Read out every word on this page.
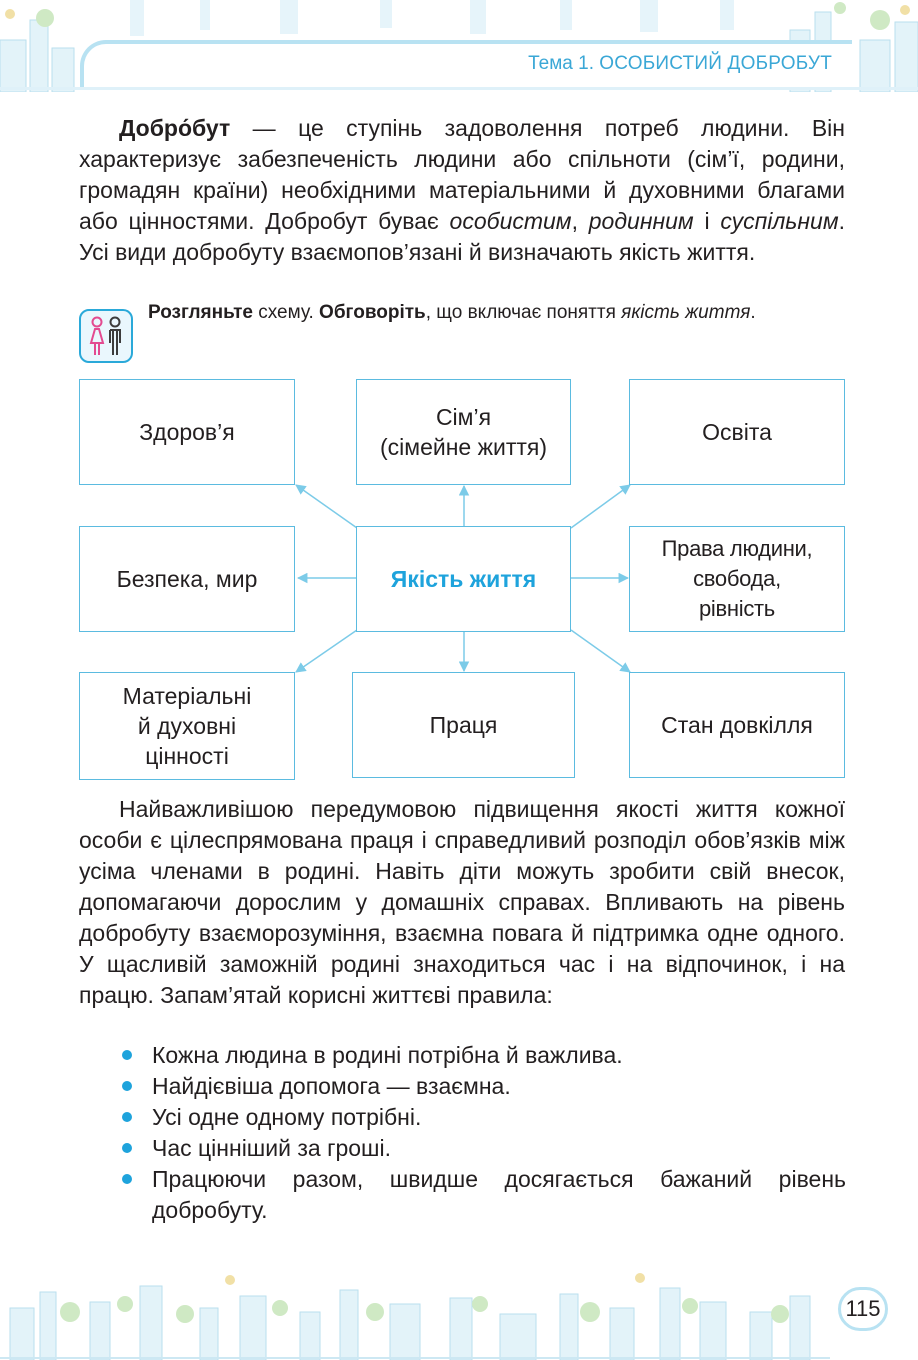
Тема 1. ОСОБИСТИЙ ДОБРОБУТ

Добро́бут — це ступінь задоволення потреб людини. Він характеризує забезпеченість людини або спільноти (сім’ї, родини, громадян країни) необхідними матеріальними й духовними благами або цінностями. Добробут буває особистим, родинним і суспільним. Усі види добробуту взаємопов’язані й визначають якість життя.

Розгляньте схему. Обговоріть, що включає поняття якість життя.

Здоров’я
Сім’я
(сімейне життя)
Освіта
Безпека, мир	Якість життя
Права людини,
свобода,
рівність
Матеріальні
й духовні
цінності
Праця	Стан довкілля

Найважливішою передумовою підвищення якості життя кожної особи є цілеспрямована праця і справедливий розподіл обов’язків між усіма членами в родині. Навіть діти можуть зробити свій внесок, допомагаючи дорослим у домашніх справах. Впливають на рівень добробуту взаєморозуміння, взаємна повага й підтримка одне одного. У щасливій заможній родині знаходиться час і на відпочинок, і на працю. Запам’ятай корисні життєві правила:

Кожна людина в родині потрібна й важлива.
Найдієвіша допомога — взаємна.
Усі одне одному потрібні.
Час цінніший за гроші.
Працюючи разом, швидше досягається бажаний рівень добробуту.
115
